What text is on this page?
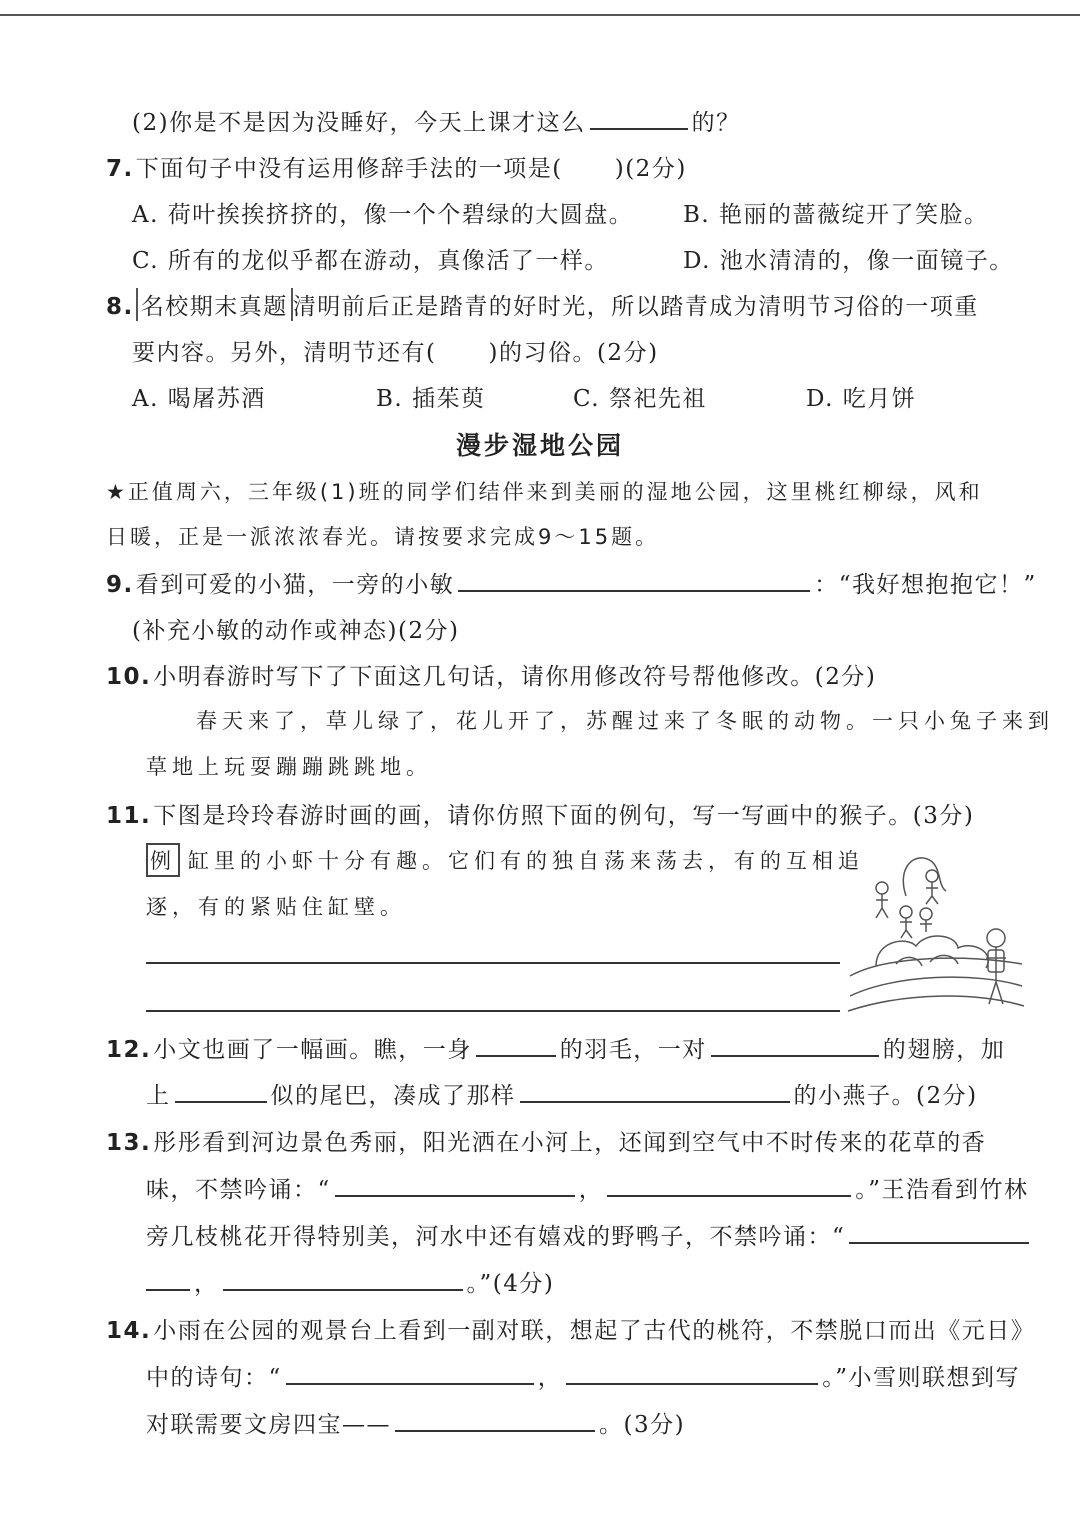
(2)你是不是因为没睡好，今天上课才这么	的？
7.下面句子中没有运用修辞手法的一项是( )(2分)
A. 荷叶挨挨挤挤的，像一个个碧绿的大圆盘。 B. 艳丽的蔷薇绽开了笑脸。
C. 所有的龙似乎都在游动，真像活了一样。	D. 池水清清的，像一面镜子。
8. 名校期末真题 清明前后正是踏青的好时光，所以踏青成为清明节习俗的一项重
要内容。另外，清明节还有( )的习俗。(2分)
A. 喝屠苏酒	B. 插茱萸	C. 祭祀先祖	D. 吃月饼
漫步湿地公园
★正值周六，三年级(1)班的同学们结伴来到美丽的湿地公园，这里桃红柳绿，风和
日暖，正是一派浓浓春光。请按要求完成9～15题。
9.看到可爱的小猫，一旁的小敏	：“我好想抱抱它！”
(补充小敏的动作或神态)(2分)
10.小明春游时写下了下面这几句话，请你用修改符号帮他修改。(2分)
春天来了，草儿绿了，花儿开了，苏醒过来了冬眠的动物。一只小兔子来到
草地上玩耍蹦蹦跳跳地。
11.下图是玲玲春游时画的画，请你仿照下面的例句，写一写画中的猴子。(3分)
例 缸里的小虾十分有趣。它们有的独自荡来荡去，有的互相追
逐，有的紧贴住缸壁。
12.小文也画了一幅画。瞧，一身	的羽毛，一对	的翅膀，加
上	似的尾巴，凑成了那样	的小燕子。(2分)
13.彤彤看到河边景色秀丽，阳光洒在小河上，还闻到空气中不时传来的花草的香
味，不禁吟诵：“	，	。”王浩看到竹林
旁几枝桃花开得特别美，河水中还有嬉戏的野鸭子，不禁吟诵：“
，	。”(4分)
14.小雨在公园的观景台上看到一副对联，想起了古代的桃符，不禁脱口而出《元日》
中的诗句：“	，	。”小雪则联想到写
对联需要文房四宝——	。(3分)
